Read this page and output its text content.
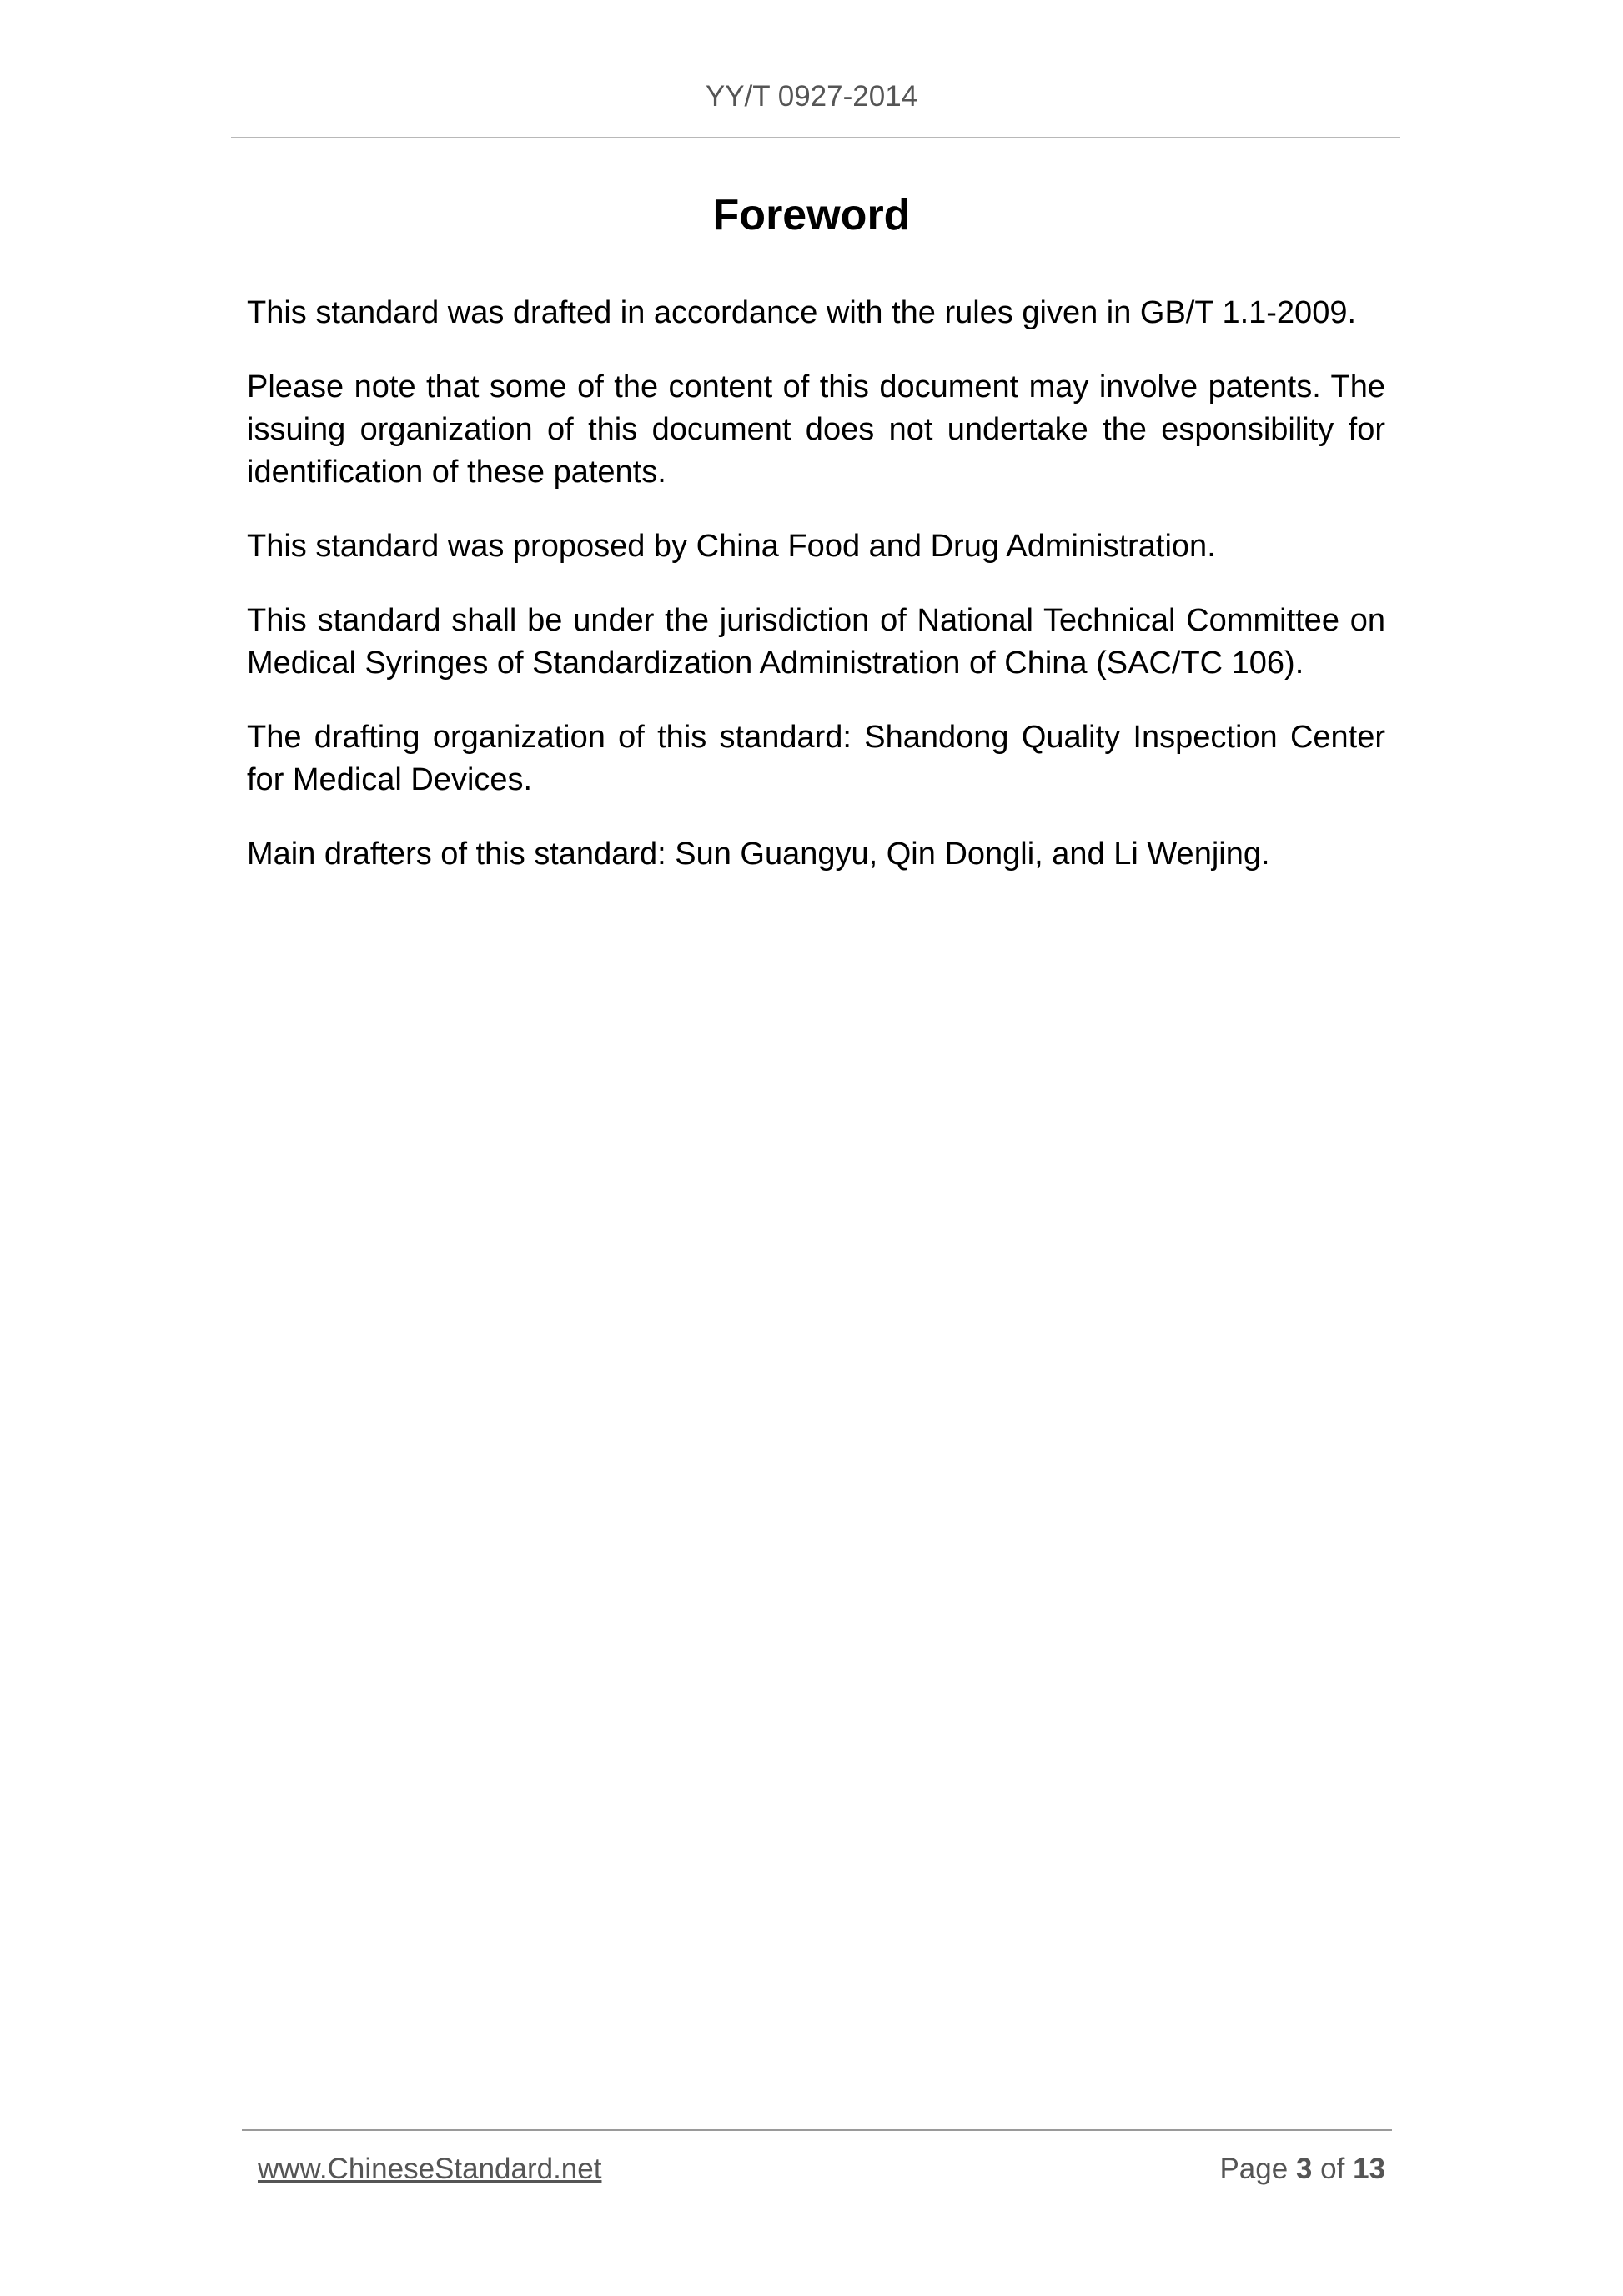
YY/T 0927-2014
Foreword

This standard was drafted in accordance with the rules given in GB/T 1.1-2009.

Please note that some of the content of this document may involve patents. The issuing organization of this document does not undertake the esponsibility for identification of these patents.

This standard was proposed by China Food and Drug Administration.

This standard shall be under the jurisdiction of National Technical Committee on Medical Syringes of Standardization Administration of China (SAC/TC 106).

The drafting organization of this standard: Shandong Quality Inspection Center for Medical Devices.

Main drafters of this standard: Sun Guangyu, Qin Dongli, and Li Wenjing.

www.ChineseStandard.net	Page 3 of 13
